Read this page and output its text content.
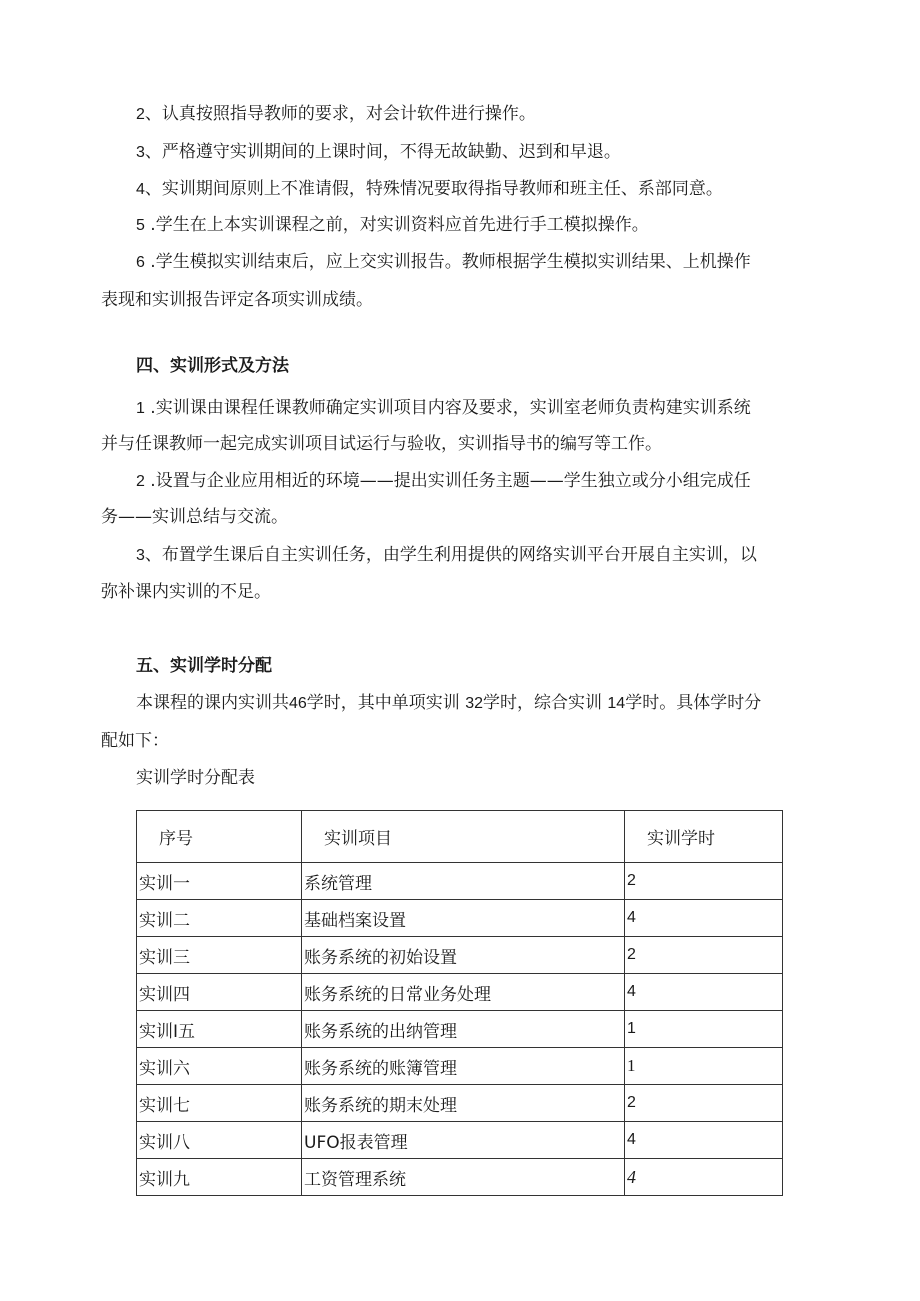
2、认真按照指导教师的要求，对会计软件进行操作。
3、严格遵守实训期间的上课时间，不得无故缺勤、迟到和早退。
4、实训期间原则上不准请假，特殊情况要取得指导教师和班主任、系部同意。
5 .学生在上本实训课程之前，对实训资料应首先进行手工模拟操作。
6 .学生模拟实训结束后，应上交实训报告。教师根据学生模拟实训结果、上机操作
表现和实训报告评定各项实训成绩。
四、实训形式及方法
1 .实训课由课程任课教师确定实训项目内容及要求，实训室老师负责构建实训系统
并与任课教师一起完成实训项目试运行与验收，实训指导书的编写等工作。
2 .设置与企业应用相近的环境——提出实训任务主题——学生独立或分小组完成任
务——实训总结与交流。
3、布置学生课后自主实训任务，由学生利用提供的网络实训平台开展自主实训，以
弥补课内实训的不足。
五、实训学时分配
本课程的课内实训共46学时，其中单项实训 32学时，综合实训 14学时。具体学时分
配如下：
实训学时分配表
序号	实训项目	实训学时
实训一	系统管理	2
实训二	基础档案设置	4
实训三	账务系统的初始设置	2
实训四	账务系统的日常业务处理	4
实训I五	账务系统的出纳管理	1
实训六	账务系统的账簿管理	1
实训七	账务系统的期末处理	2
实训八	UFO报表管理	4
实训九	工资管理系统	4
